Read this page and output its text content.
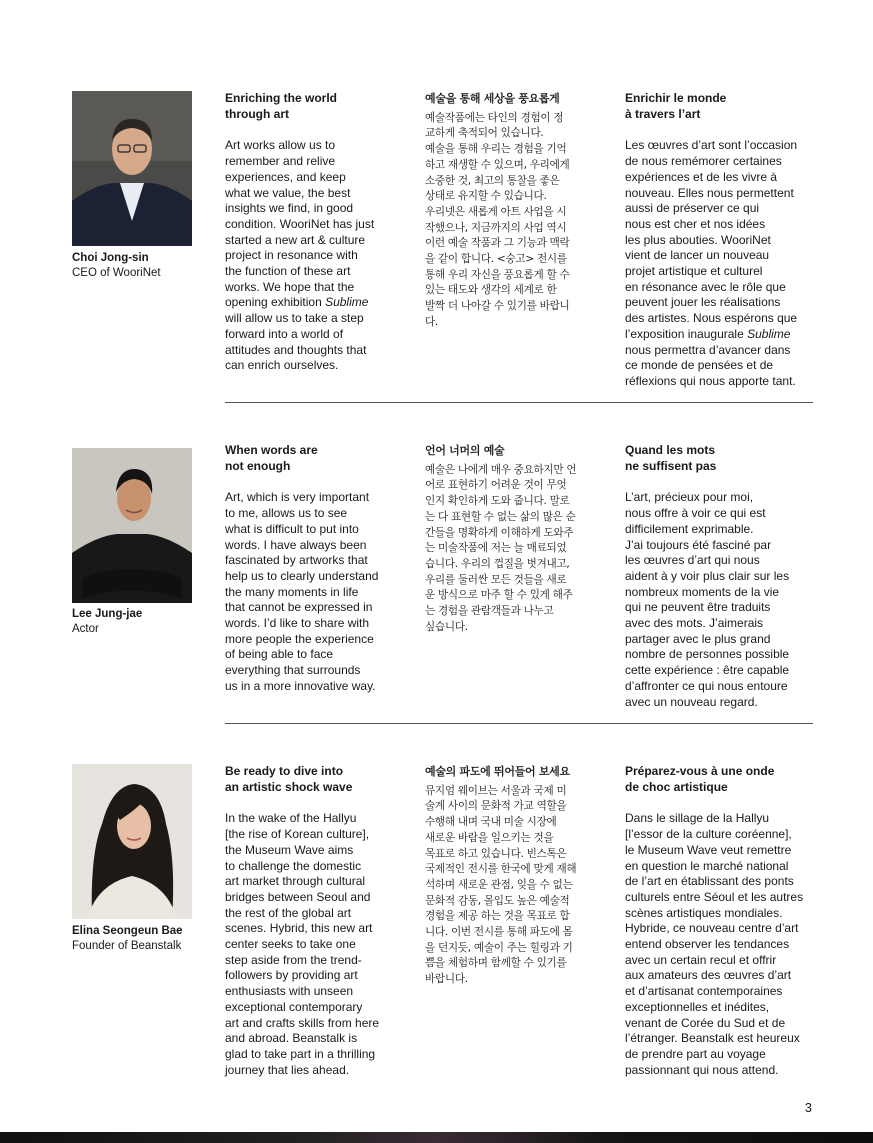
Choi Jong-sin
CEO of WooriNet
Enriching the world
through art

Art works allow us to
remember and relive
experiences, and keep
what we value, the best
insights we find, in good
condition. WooriNet has just
started a new art & culture
project in resonance with
the function of these art
works. We hope that the
opening exhibition Sublime
will allow us to take a step
forward into a world of
attitudes and thoughts that
can enrich ourselves.

예술을 통해 세상을 풍요롭게

예술작품에는 타인의 경험이 정
교하게 축적되어 있습니다.
예술을 통해 우리는 경험을 기억
하고 재생할 수 있으며, 우리에게
소중한 것, 최고의 통찰을 좋은
상태로 유지할 수 있습니다.
우리넷은 새롭게 아트 사업을 시
작했으나, 지금까지의 사업 역시
이런 예술 작품과 그 기능과 맥락
을 같이 합니다. <숭고> 전시를
통해 우리 자신을 풍요롭게 할 수
있는 태도와 생각의 세계로 한
발짝 더 나아갈 수 있기를 바랍니
다.

Enrichir le monde
à travers l’art

Les œuvres d’art sont l’occasion
de nous remémorer certaines
expériences et de les vivre à
nouveau. Elles nous permettent
aussi de préserver ce qui
nous est cher et nos idées
les plus abouties. WooriNet
vient de lancer un nouveau
projet artistique et culturel
en résonance avec le rôle que
peuvent jouer les réalisations
des artistes. Nous espérons que
l’exposition inaugurale Sublime
nous permettra d’avancer dans
ce monde de pensées et de
réflexions qui nous apporte tant.

Lee Jung-jae
Actor
When words are
not enough

Art, which is very important
to me, allows us to see
what is difficult to put into
words. I have always been
fascinated by artworks that
help us to clearly understand
the many moments in life
that cannot be expressed in
words. I’d like to share with
more people the experience
of being able to face
everything that surrounds
us in a more innovative way.

언어 너머의 예술

예술은 나에게 매우 중요하지만 언
어로 표현하기 어려운 것이 무엇
인지 확인하게 도와 줍니다. 말로
는 다 표현할 수 없는 삶의 많은 순
간들을 명확하게 이해하게 도와주
는 미술작품에 저는 늘 매료되었
습니다. 우리의 껍질을 벗겨내고,
우리를 둘러싼 모든 것들을 새로
운 방식으로 마주 할 수 있게 해주
는 경험을 관람객들과 나누고
싶습니다.

Quand les mots
ne suffisent pas

L’art, précieux pour moi,
nous offre à voir ce qui est
difficilement exprimable.
J’ai toujours été fasciné par
les œuvres d’art qui nous
aident à y voir plus clair sur les
nombreux moments de la vie
qui ne peuvent être traduits
avec des mots. J’aimerais
partager avec le plus grand
nombre de personnes possible
cette expérience : être capable
d’affronter ce qui nous entoure
avec un nouveau regard.

Elina Seongeun Bae
Founder of Beanstalk
Be ready to dive into
an artistic shock wave

In the wake of the Hallyu
[the rise of Korean culture],
the Museum Wave aims
to challenge the domestic
art market through cultural
bridges between Seoul and
the rest of the global art
scenes. Hybrid, this new art
center seeks to take one
step aside from the trend-
followers by providing art
enthusiasts with unseen
exceptional contemporary
art and crafts skills from here
and abroad. Beanstalk is
glad to take part in a thrilling
journey that lies ahead.

예술의 파도에 뛰어들어 보세요

뮤지엄 웨이브는 서울과 국제 미
술계 사이의 문화적 가교 역할을
수행해 내며 국내 미술 시장에
새로운 바람을 일으키는 것을
목표로 하고 있습니다. 빈스톡은
국제적인 전시를 한국에 맞게 재해
석하며 새로운 관점, 잊을 수 없는
문화적 감동, 몰입도 높은 예술적
경험을 제공 하는 것을 목표로 합
니다. 이번 전시를 통해 파도에 몸
을 던지듯, 예술이 주는 힐링과 기
쁨을 체험하며 함께할 수 있기를
바랍니다.

Préparez-vous à une onde
de choc artistique

Dans le sillage de la Hallyu
[l’essor de la culture coréenne],
le Museum Wave veut remettre
en question le marché national
de l’art en établissant des ponts
culturels entre Séoul et les autres
scènes artistiques mondiales.
Hybride, ce nouveau centre d’art
entend observer les tendances
avec un certain recul et offrir
aux amateurs des œuvres d’art
et d’artisanat contemporaines
exceptionnelles et inédites,
venant de Corée du Sud et de
l’étranger. Beanstalk est heureux
de prendre part au voyage
passionnant qui nous attend.

3
